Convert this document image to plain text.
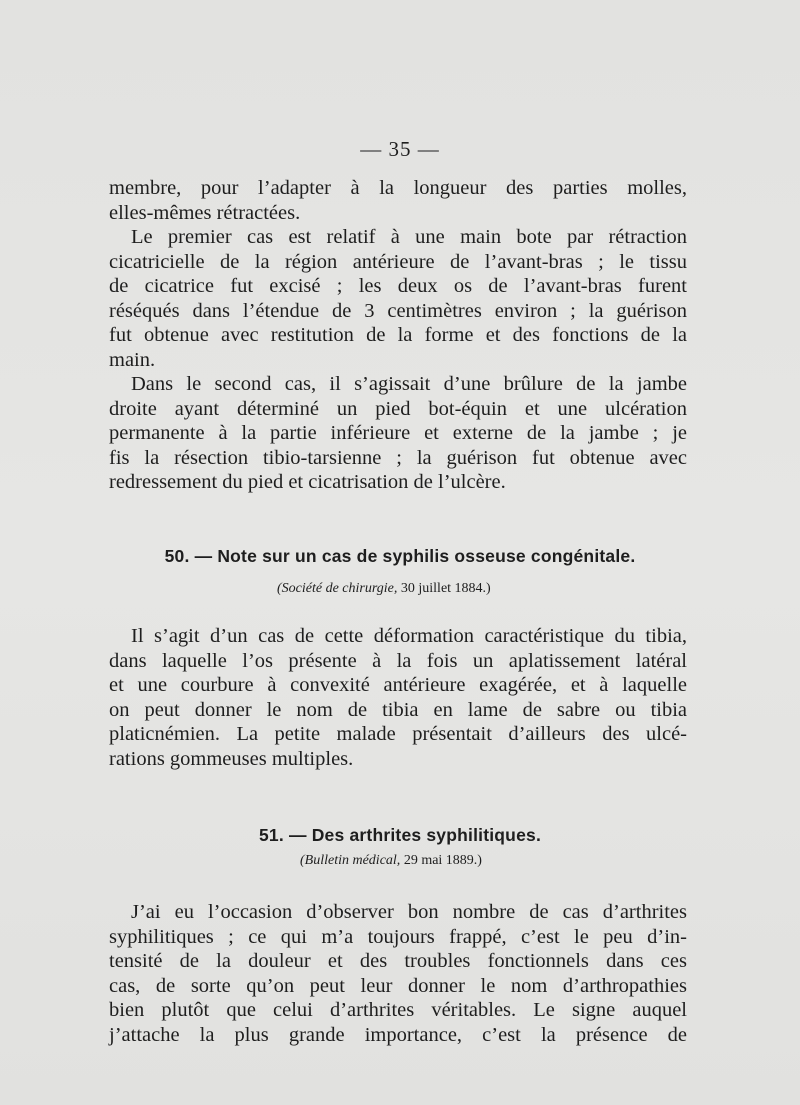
— 35 —
membre, pour l’adapter à la longueur des parties molles,
elles-mêmes rétractées.
Le premier cas est relatif à une main bote par rétraction
cicatricielle de la région antérieure de l’avant-bras ; le tissu
de cicatrice fut excisé ; les deux os de l’avant-bras furent
réséqués dans l’étendue de 3 centimètres environ ; la guérison
fut obtenue avec restitution de la forme et des fonctions de la
main.
Dans le second cas, il s’agissait d’une brûlure de la jambe
droite ayant déterminé un pied bot-équin et une ulcération
permanente à la partie inférieure et externe de la jambe ; je
fis la résection tibio-tarsienne ; la guérison fut obtenue avec
redressement du pied et cicatrisation de l’ulcère.
50. — Note sur un cas de syphilis osseuse congénitale.
(Société de chirurgie, 30 juillet 1884.)
Il s’agit d’un cas de cette déformation caractéristique du tibia,
dans laquelle l’os présente à la fois un aplatissement latéral
et une courbure à convexité antérieure exagérée, et à laquelle
on peut donner le nom de tibia en lame de sabre ou tibia
platicnémien. La petite malade présentait d’ailleurs des ulcé-
rations gommeuses multiples.
51. — Des arthrites syphilitiques.
(Bulletin médical, 29 mai 1889.)
J’ai eu l’occasion d’observer bon nombre de cas d’arthrites
syphilitiques ; ce qui m’a toujours frappé, c’est le peu d’in-
tensité de la douleur et des troubles fonctionnels dans ces
cas, de sorte qu’on peut leur donner le nom d’arthropathies
bien plutôt que celui d’arthrites véritables. Le signe auquel
j’attache la plus grande importance, c’est la présence de
